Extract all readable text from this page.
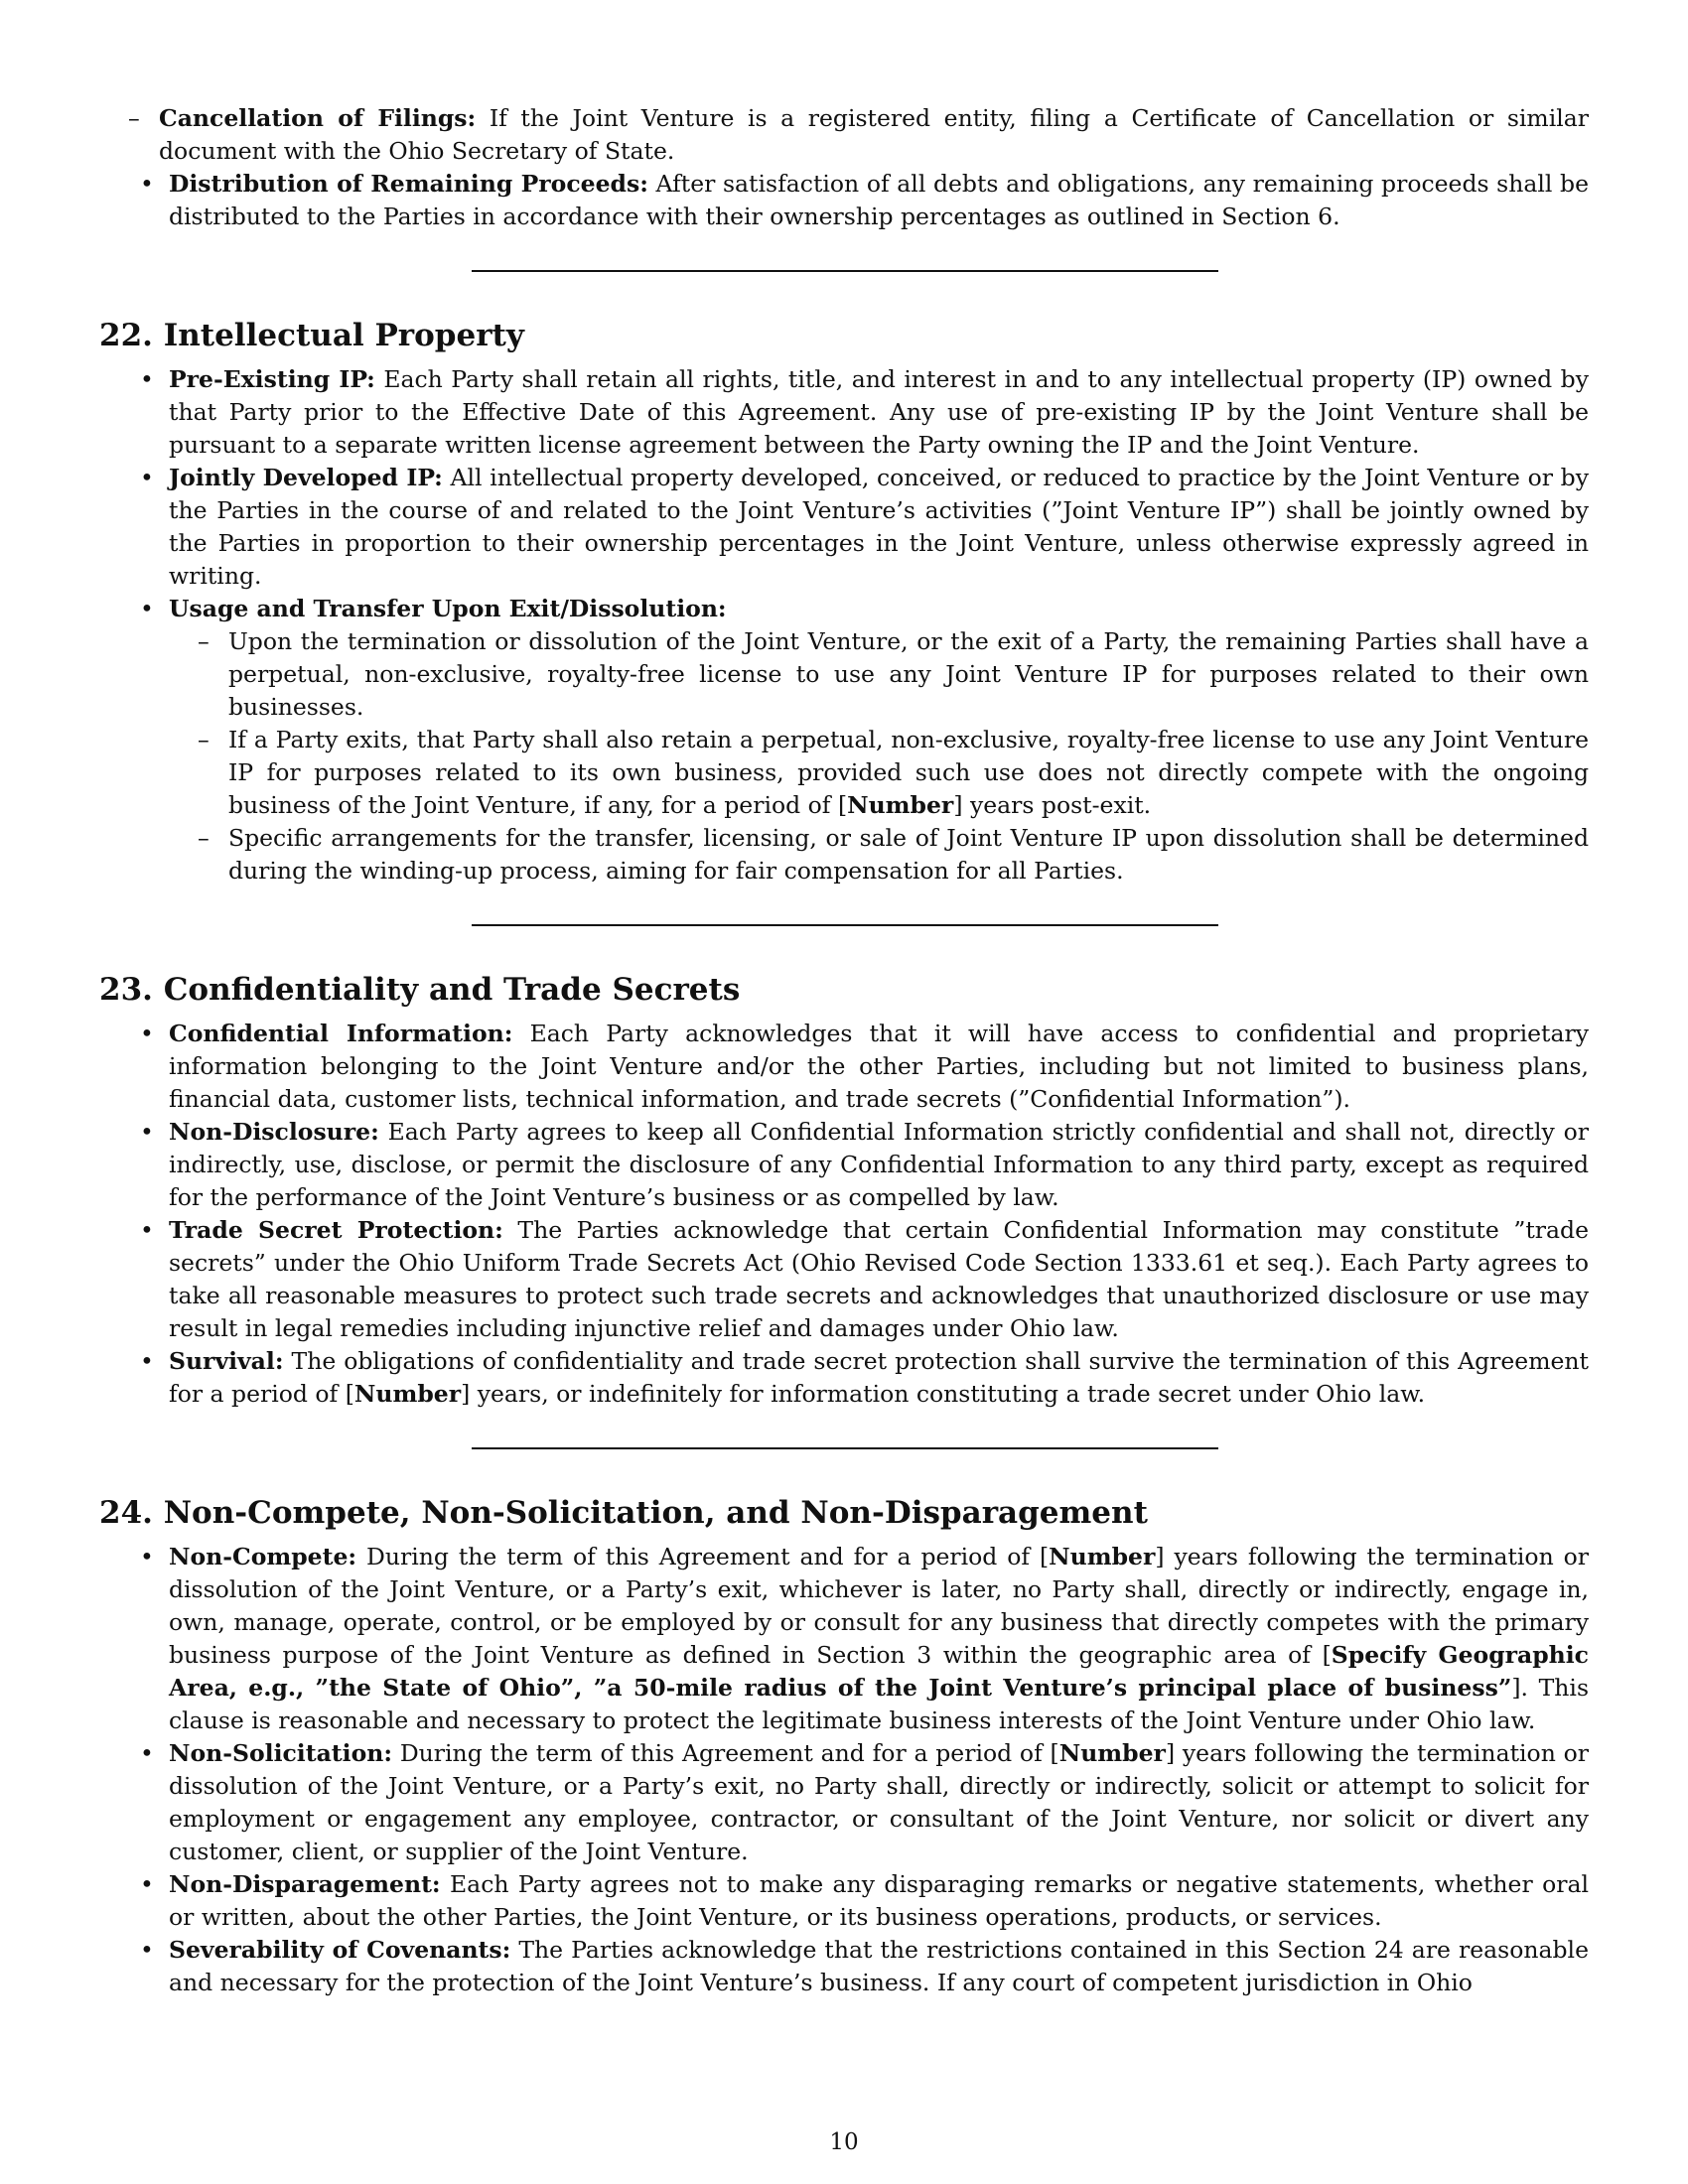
– Cancellation of Filings: If the Joint Venture is a registered entity, filing a Certificate of Cancellation or similar document with the Ohio Secretary of State.
• Distribution of Remaining Proceeds: After satisfaction of all debts and obligations, any remaining proceeds shall be distributed to the Parties in accordance with their ownership percentages as outlined in Section 6.
22. Intellectual Property
• Pre-Existing IP: Each Party shall retain all rights, title, and interest in and to any intellectual property (IP) owned by that Party prior to the Effective Date of this Agreement. Any use of pre-existing IP by the Joint Venture shall be pursuant to a separate written license agreement between the Party owning the IP and the Joint Venture.
• Jointly Developed IP: All intellectual property developed, conceived, or reduced to practice by the Joint Venture or by the Parties in the course of and related to the Joint Venture’s activities (”Joint Venture IP”) shall be jointly owned by the Parties in proportion to their ownership percentages in the Joint Venture, unless otherwise expressly agreed in writing.
• Usage and Transfer Upon Exit/Dissolution:
– Upon the termination or dissolution of the Joint Venture, or the exit of a Party, the remaining Parties shall have a perpetual, non-exclusive, royalty-free license to use any Joint Venture IP for purposes related to their own businesses.
– If a Party exits, that Party shall also retain a perpetual, non-exclusive, royalty-free license to use any Joint Venture IP for purposes related to its own business, provided such use does not directly compete with the ongoing business of the Joint Venture, if any, for a period of [Number] years post-exit.
– Specific arrangements for the transfer, licensing, or sale of Joint Venture IP upon dissolution shall be determined during the winding-up process, aiming for fair compensation for all Parties.
23. Confidentiality and Trade Secrets
• Confidential Information: Each Party acknowledges that it will have access to confidential and proprietary information belonging to the Joint Venture and/or the other Parties, including but not limited to business plans, financial data, customer lists, technical information, and trade secrets (”Confidential Information”).
• Non-Disclosure: Each Party agrees to keep all Confidential Information strictly confidential and shall not, directly or indirectly, use, disclose, or permit the disclosure of any Confidential Information to any third party, except as required for the performance of the Joint Venture’s business or as compelled by law.
• Trade Secret Protection: The Parties acknowledge that certain Confidential Information may constitute ”trade secrets” under the Ohio Uniform Trade Secrets Act (Ohio Revised Code Section 1333.61 et seq.). Each Party agrees to take all reasonable measures to protect such trade secrets and acknowledges that unauthorized disclosure or use may result in legal remedies including injunctive relief and damages under Ohio law.
• Survival: The obligations of confidentiality and trade secret protection shall survive the termination of this Agreement for a period of [Number] years, or indefinitely for information constituting a trade secret under Ohio law.
24. Non-Compete, Non-Solicitation, and Non-Disparagement
• Non-Compete: During the term of this Agreement and for a period of [Number] years following the termination or dissolution of the Joint Venture, or a Party’s exit, whichever is later, no Party shall, directly or indirectly, engage in, own, manage, operate, control, or be employed by or consult for any business that directly competes with the primary business purpose of the Joint Venture as defined in Section 3 within the geographic area of [Specify Geographic Area, e.g., ”the State of Ohio”, ”a 50-mile radius of the Joint Venture’s principal place of business”]. This clause is reasonable and necessary to protect the legitimate business interests of the Joint Venture under Ohio law.
• Non-Solicitation: During the term of this Agreement and for a period of [Number] years following the termination or dissolution of the Joint Venture, or a Party’s exit, no Party shall, directly or indirectly, solicit or attempt to solicit for employment or engagement any employee, contractor, or consultant of the Joint Venture, nor solicit or divert any customer, client, or supplier of the Joint Venture.
• Non-Disparagement: Each Party agrees not to make any disparaging remarks or negative statements, whether oral or written, about the other Parties, the Joint Venture, or its business operations, products, or services.
• Severability of Covenants: The Parties acknowledge that the restrictions contained in this Section 24 are reasonable and necessary for the protection of the Joint Venture’s business. If any court of competent jurisdiction in Ohio
10
